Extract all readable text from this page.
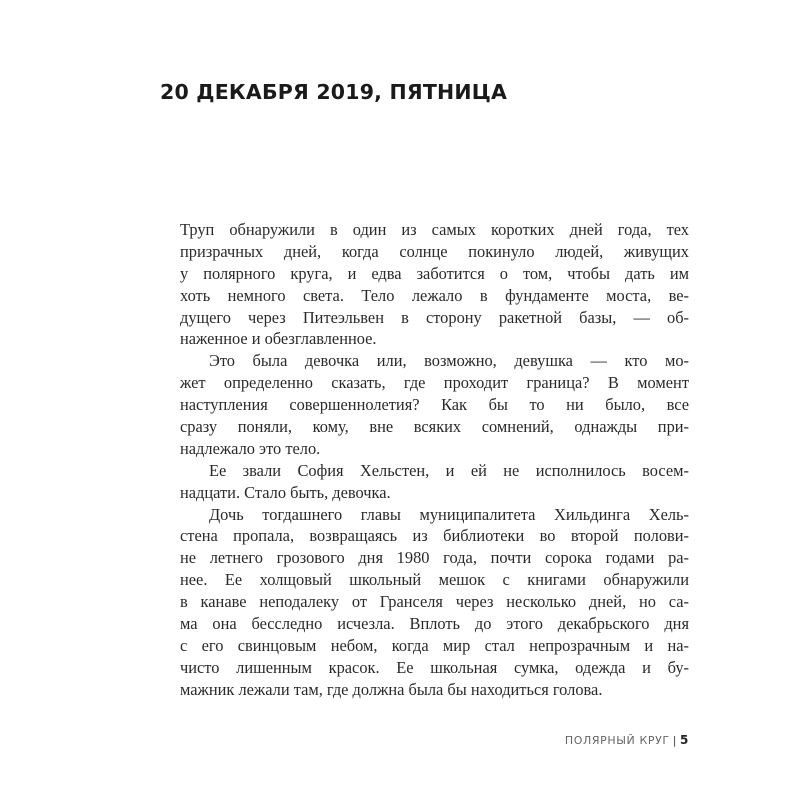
20 ДЕКАБРЯ 2019, ПЯТНИЦА
Труп обнаружили в один из самых коротких дней года, тех
призрачных дней, когда солнце покинуло людей, живущих
у полярного круга, и едва заботится о том, чтобы дать им
хоть немного света. Тело лежало в фундаменте моста, ве-
дущего через Питеэльвен в сторону ракетной базы, — об-
наженное и обезглавленное.
Это была девочка или, возможно, девушка — кто мо-
жет определенно сказать, где проходит граница? В момент
наступления совершеннолетия? Как бы то ни было, все
сразу поняли, кому, вне всяких сомнений, однажды при-
надлежало это тело.
Ее звали София Хельстен, и ей не исполнилось восем-
надцати. Стало быть, девочка.
Дочь тогдашнего главы муниципалитета Хильдинга Хель-
стена пропала, возвращаясь из библиотеки во второй полови-
не летнего грозового дня 1980 года, почти сорока годами ра-
нее. Ее холщовый школьный мешок с книгами обнаружили
в канаве неподалеку от Гранселя через несколько дней, но са-
ма она бесследно исчезла. Вплоть до этого декабрьского дня
с его свинцовым небом, когда мир стал непрозрачным и на-
чисто лишенным красок. Ее школьная сумка, одежда и бу-
мажник лежали там, где должна была бы находиться голова.
ПОЛЯРНЫЙ КРУГ | 5
